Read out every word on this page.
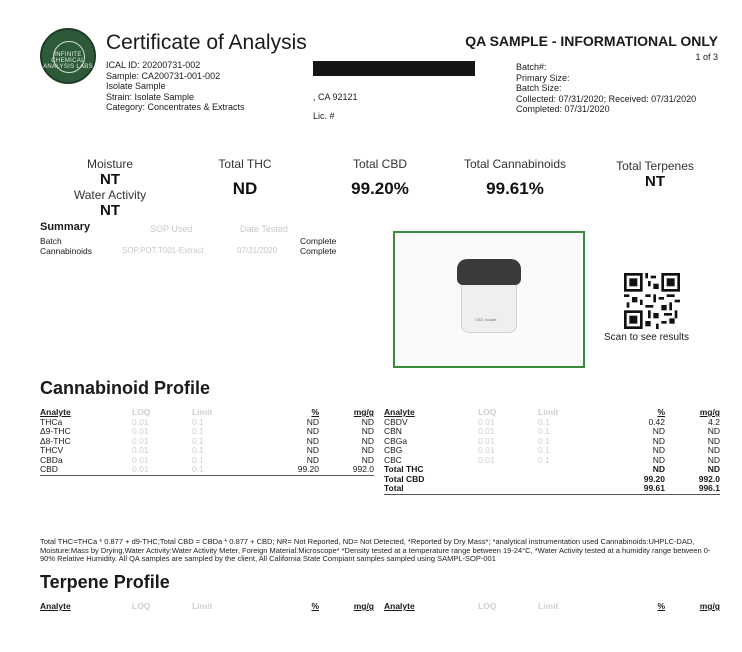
INFINITE CHEMICAL ANALYSIS LABS
Certificate of Analysis
ICAL ID: 20200731-002
Sample: CA200731-001-002
Isolate Sample
Strain: Isolate Sample
Category: Concentrates & Extracts
, CA 92121
Lic. #
QA SAMPLE - INFORMATIONAL ONLY
1 of 3
Batch#:
Primary Size:
Batch Size:
Collected: 07/31/2020; Received: 07/31/2020
Completed: 07/31/2020
Moisture
NT
Water Activity
NT
Total THC
ND
Total CBD
99.20%
Total Cannabinoids
99.61%
Total Terpenes
NT
Summary	SOP Used	Date Tested
Batch	Complete
Cannabinoids	SOP.POT.T001-Extract	07/31/2020	Complete
CBD Isolate
Scan to see results
Cannabinoid Profile
Analyte	LOQ	Limit	%	mg/g
THCa	0.01	0.1	ND	ND
Δ9-THC	0.01	0.1	ND	ND
Δ8-THC	0.01	0.1	ND	ND
THCV	0.01	0.1	ND	ND
CBDa	0.01	0.1	ND	ND
CBD	0.01	0.1	99.20	992.0
Analyte	LOQ	Limit	%	mg/g
CBDV	0.01	0.1	0.42	4.2
CBN	0.01	0.1	ND	ND
CBGa	0.01	0.1	ND	ND
CBG	0.01	0.1	ND	ND
CBC	0.01	0.1	ND	ND
Total THC			ND	ND
Total CBD			99.20	992.0
Total			99.61	996.1
Total THC=THCa * 0.877 + d9-THC;Total CBD = CBDa * 0.877 + CBD; NR= Not Reported, ND= Not Detected, *Reported by Dry Mass*; *analytical instrumentation used Cannabinoids:UHPLC-DAD, Moisture:Mass by Drying,Water Activity:Water Activity Meter, Foreign Material:Microscope* *Density tested at a temperature range between 19-24°C, *Water Activity tested at a humidity range between 0-90% Relative Humidity. All QA samples are sampled by the client, All California State Compiant samples sampled using SAMPL-SOP-001
Terpene Profile
Analyte	LOQ	Limit	%	mg/g Analyte	LOQ	Limit	%	mg/g
